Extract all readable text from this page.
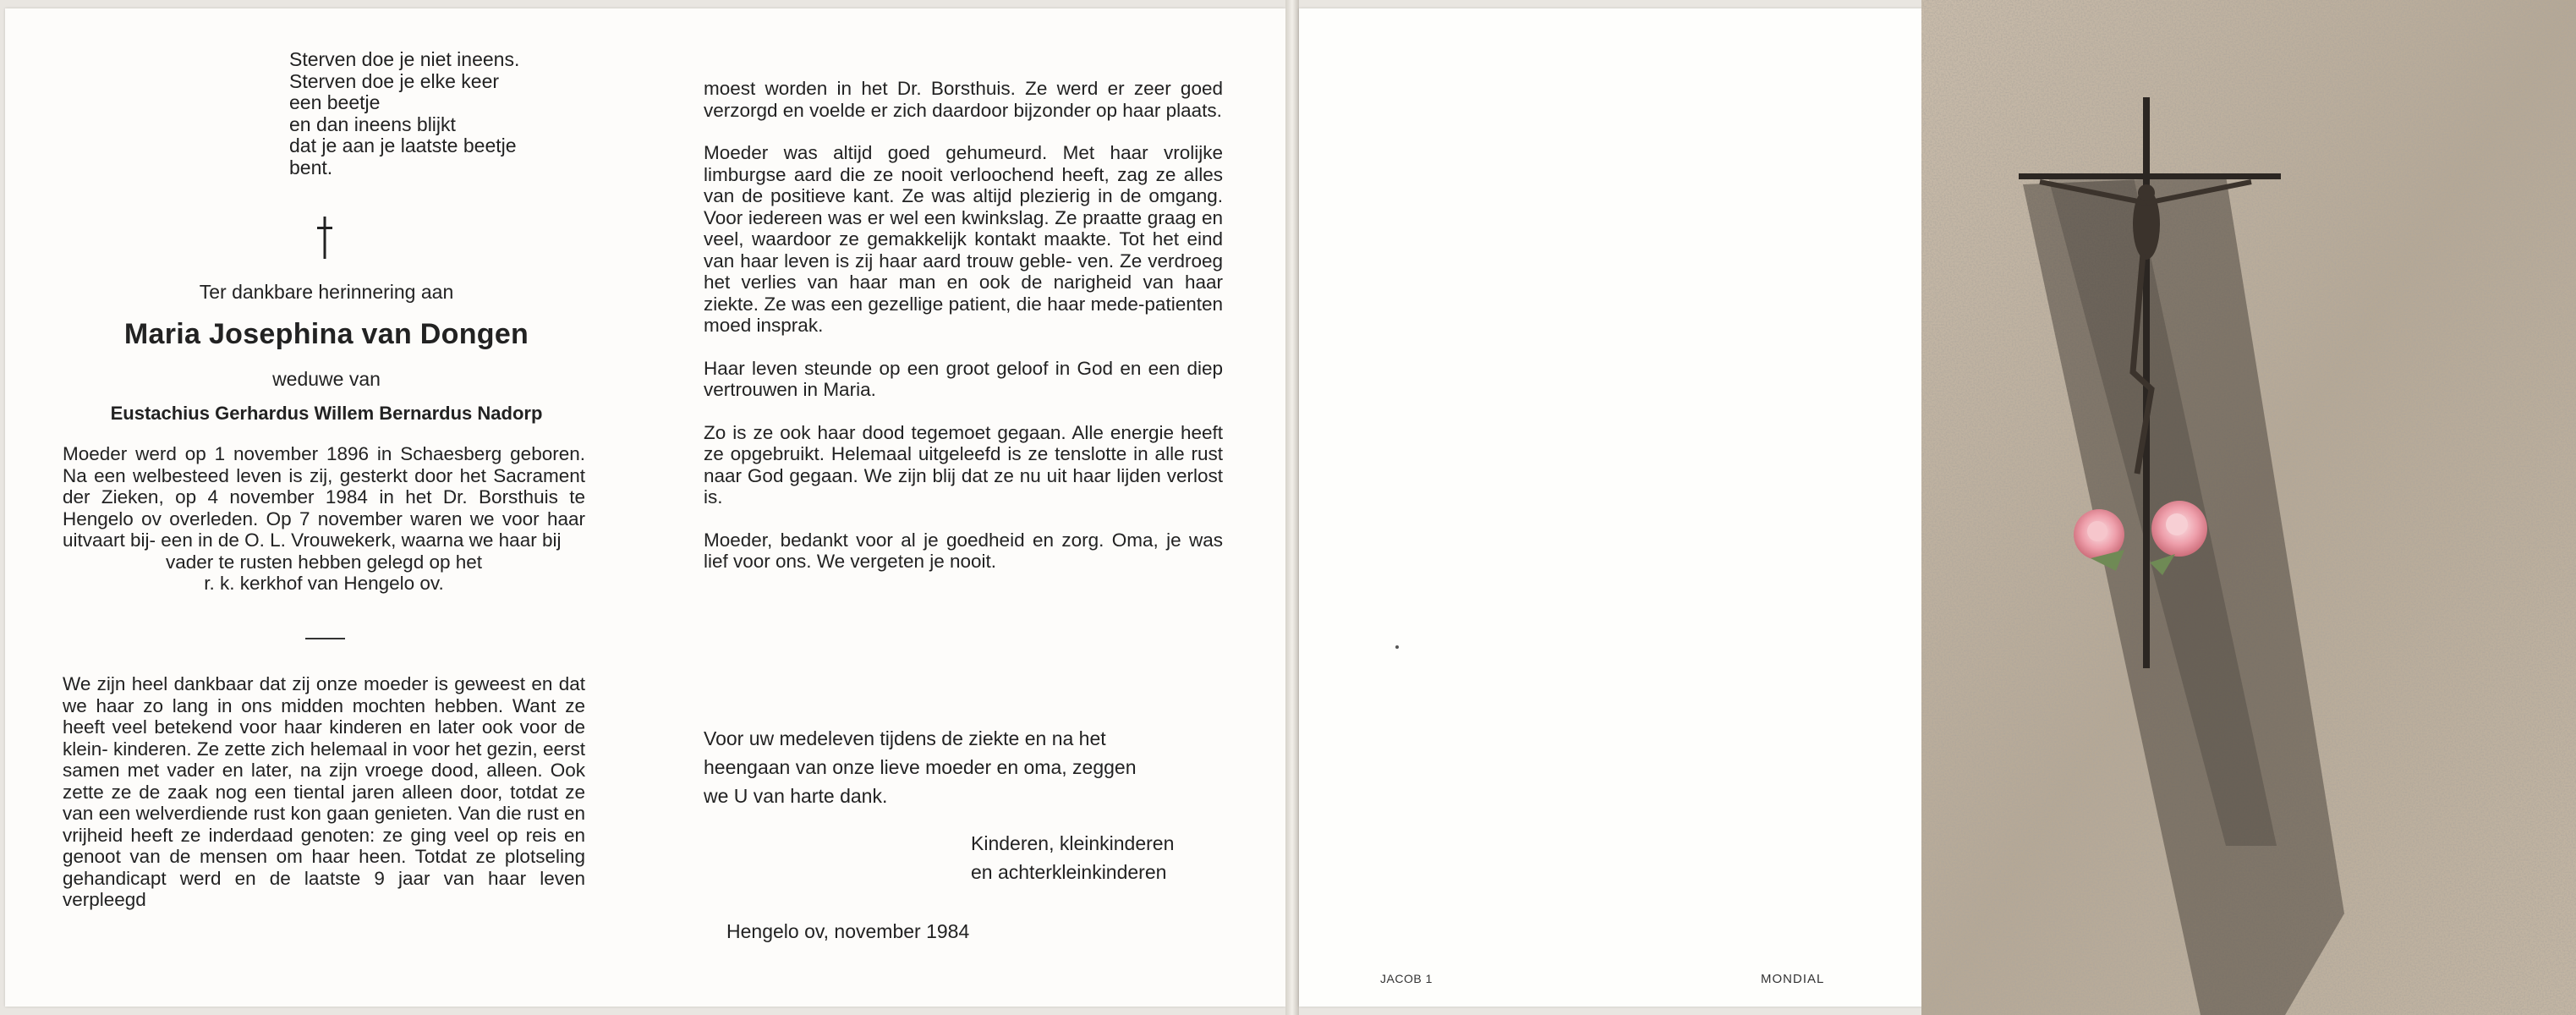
Sterven doe je niet ineens.
Sterven doe je elke keer
een beetje
en dan ineens blijkt
dat je aan je laatste beetje
bent.
Ter dankbare herinnering aan
Maria Josephina van Dongen
weduwe van
Eustachius Gerhardus Willem Bernardus Nadorp
Moeder werd op 1 november 1896 in Schaesberg geboren. Na een welbesteed leven is zij, gesterkt door het Sacrament der Zieken, op 4 november 1984 in het Dr. Borsthuis te Hengelo ov overleden. Op 7 november waren we voor haar uitvaart bij- een in de O. L. Vrouwekerk, waarna we haar bij
vader te rusten hebben gelegd op het
r. k. kerkhof van Hengelo ov.

We zijn heel dankbaar dat zij onze moeder is geweest en dat we haar zo lang in ons midden mochten hebben. Want ze heeft veel betekend voor haar kinderen en later ook voor de klein- kinderen. Ze zette zich helemaal in voor het gezin, eerst samen met vader en later, na zijn vroege dood, alleen. Ook zette ze de zaak nog een tiental jaren alleen door, totdat ze van een welverdiende rust kon gaan genieten. Van die rust en vrijheid heeft ze inderdaad genoten: ze ging veel op reis en genoot van de mensen om haar heen. Totdat ze plotseling gehandicapt werd en de laatste 9 jaar van haar leven verpleegd

moest worden in het Dr. Borsthuis. Ze werd er zeer goed verzorgd en voelde er zich daardoor bijzonder op haar plaats.

Moeder was altijd goed gehumeurd. Met haar vrolijke limburgse aard die ze nooit verloochend heeft, zag ze alles van de positieve kant. Ze was altijd plezierig in de omgang. Voor iedereen was er wel een kwinkslag. Ze praatte graag en veel, waardoor ze gemakkelijk kontakt maakte. Tot het eind van haar leven is zij haar aard trouw geble- ven. Ze verdroeg het verlies van haar man en ook de narigheid van haar ziekte. Ze was een gezellige patient, die haar mede-patienten moed insprak.

Haar leven steunde op een groot geloof in God en een diep vertrouwen in Maria.

Zo is ze ook haar dood tegemoet gegaan. Alle energie heeft ze opgebruikt. Helemaal uitgeleefd is ze tenslotte in alle rust naar God gegaan. We zijn blij dat ze nu uit haar lijden verlost is.

Moeder, bedankt voor al je goedheid en zorg. Oma, je was lief voor ons. We vergeten je nooit.

Voor uw medeleven tijdens de ziekte en na het
heengaan van onze lieve moeder en oma, zeggen
we U van harte dank.
Kinderen, kleinkinderen
en achterkleinkinderen
Hengelo ov, november 1984
JACOB 1	MONDIAL
